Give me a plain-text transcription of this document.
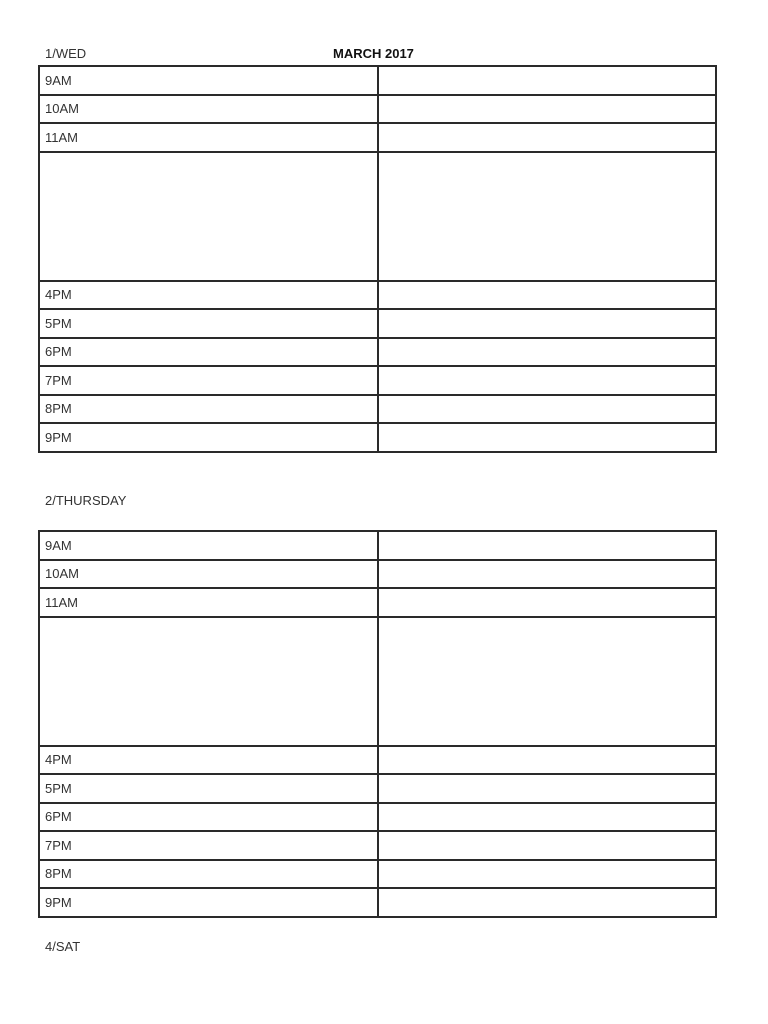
1/WED	MARCH 2017
9AM	
10AM	
11AM	

4PM	
5PM	
6PM	
7PM	
8PM	
9PM	
2/THURSDAY
9AM	
10AM	
11AM	

4PM	
5PM	
6PM	
7PM	
8PM	
9PM	
4/SAT
